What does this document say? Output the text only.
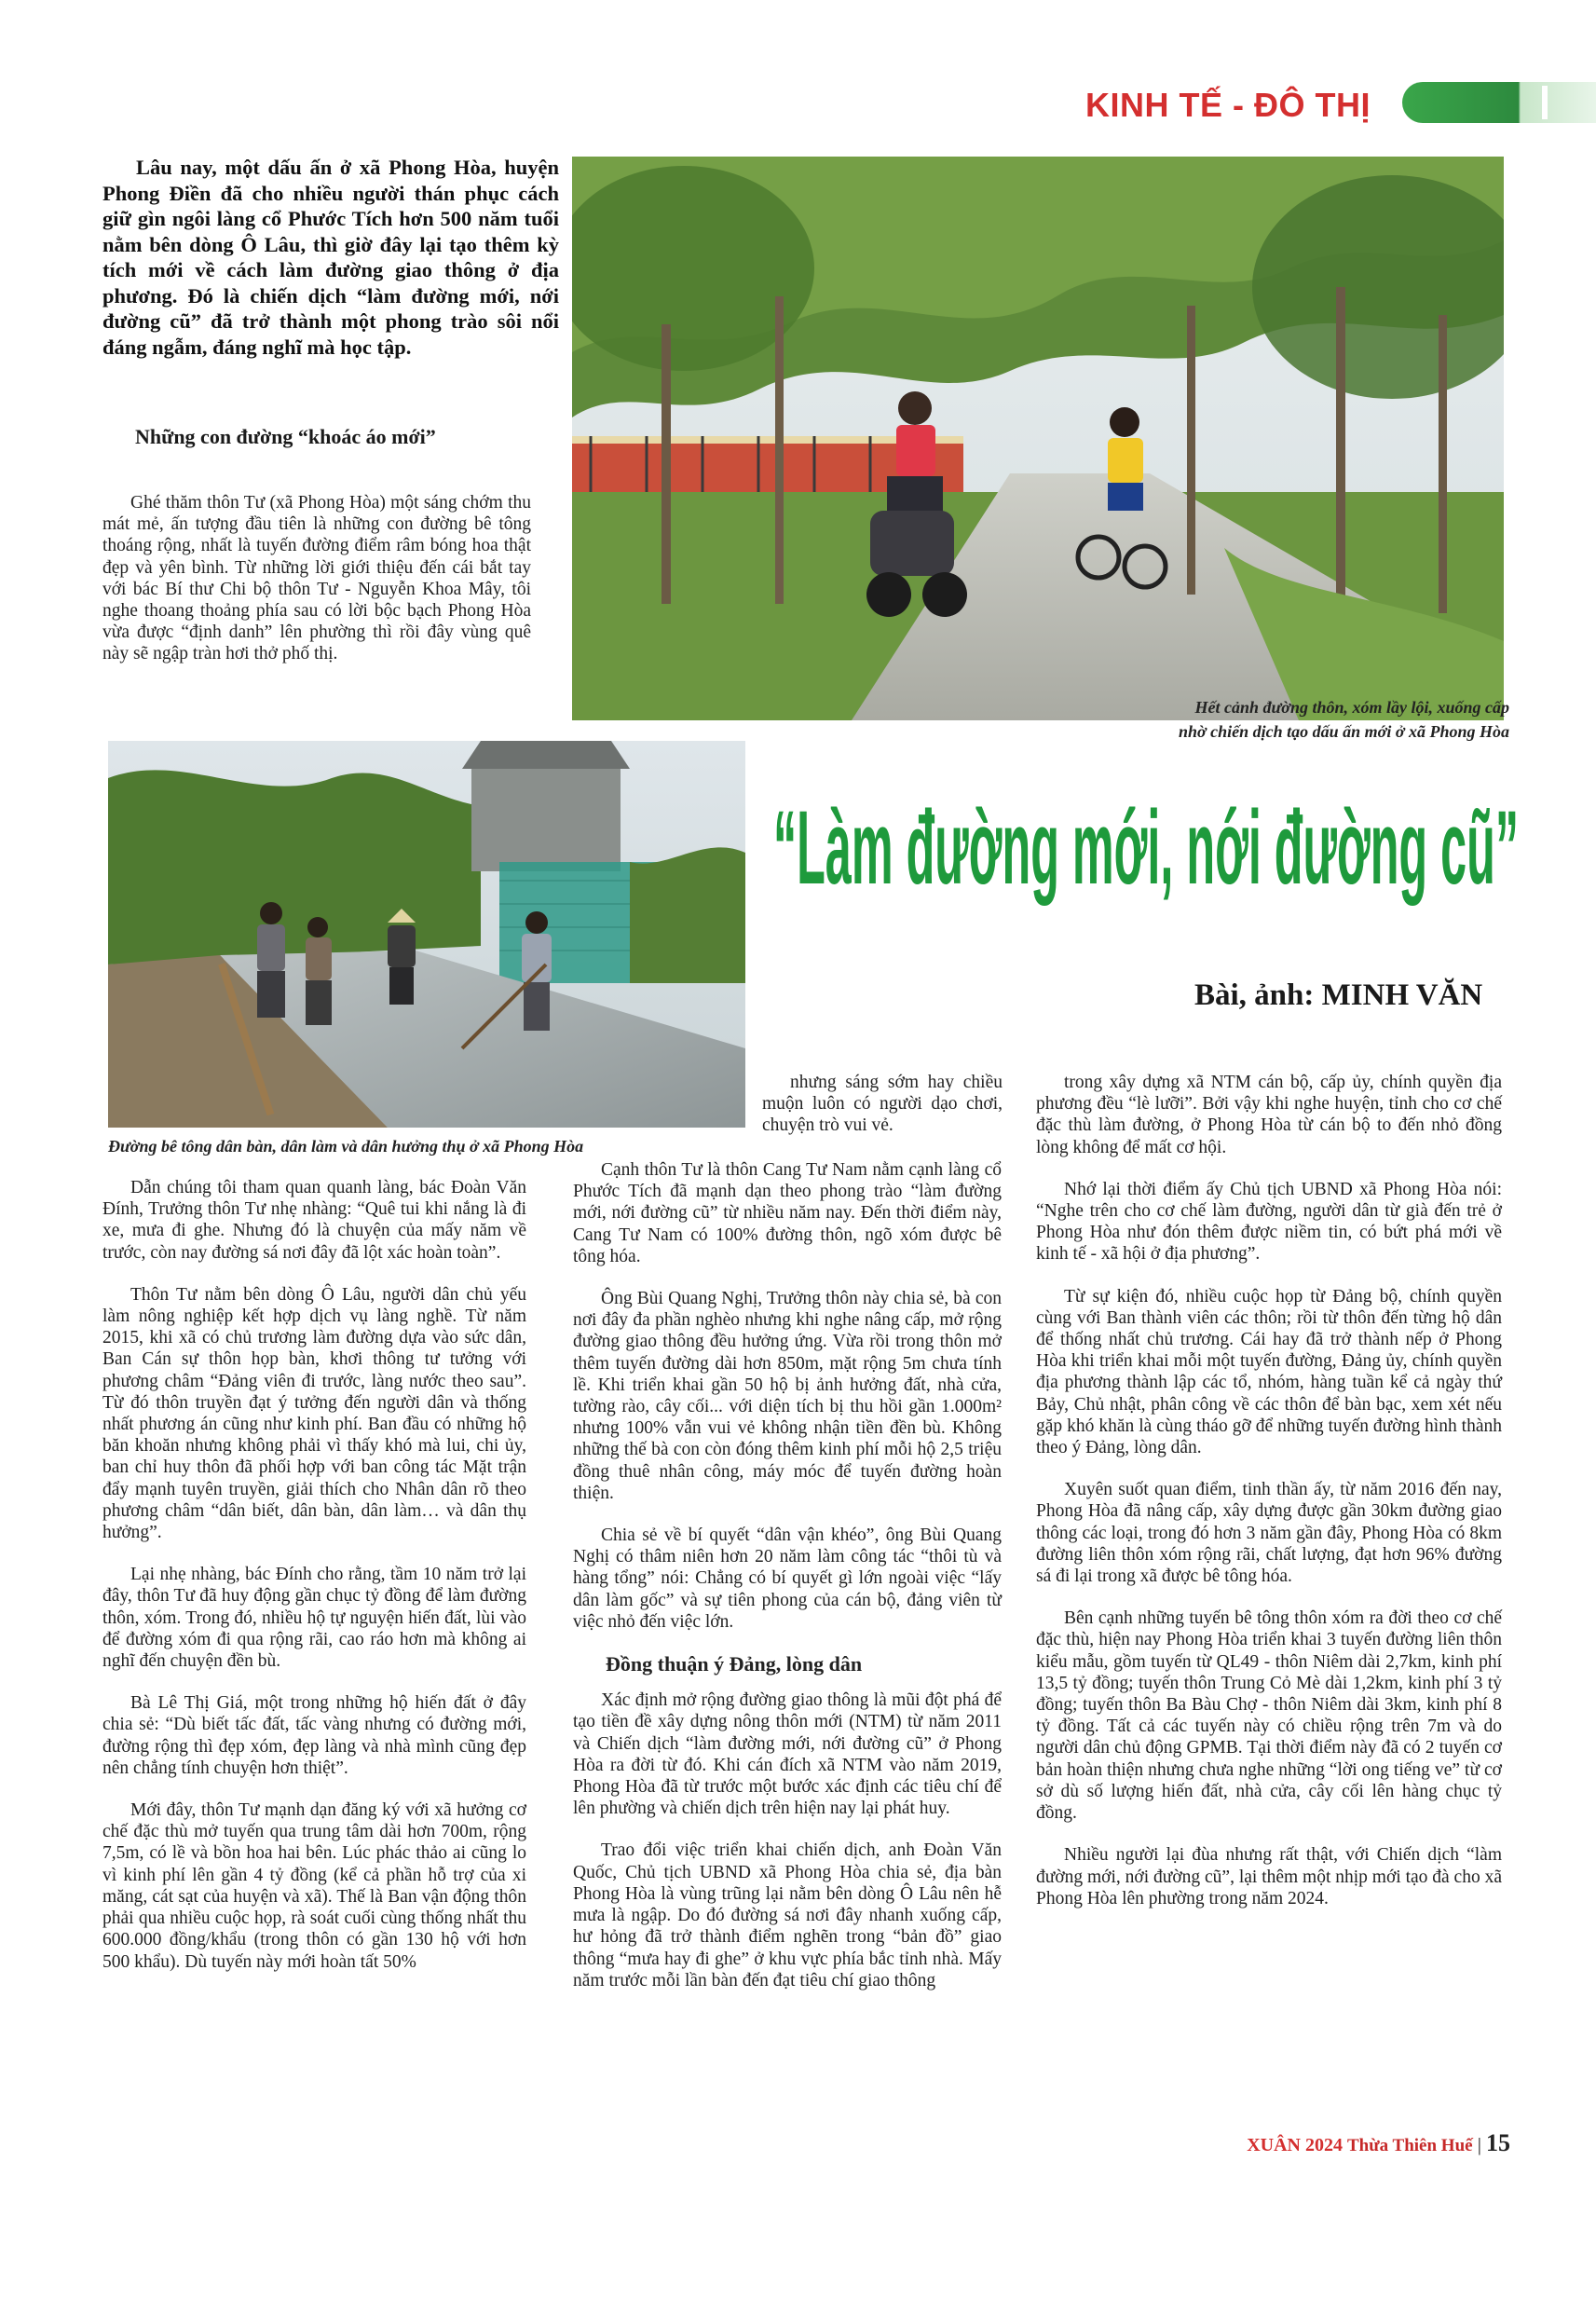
KINH TẾ - ĐÔ THỊ
Lâu nay, một dấu ấn ở xã Phong Hòa, huyện Phong Điền đã cho nhiều người thán phục cách giữ gìn ngôi làng cổ Phước Tích hơn 500 năm tuổi nằm bên dòng Ô Lâu, thì giờ đây lại tạo thêm kỳ tích mới về cách làm đường giao thông ở địa phương. Đó là chiến dịch “làm đường mới, nới đường cũ” đã trở thành một phong trào sôi nổi đáng ngẫm, đáng nghĩ mà học tập.
Những con đường “khoác áo mới”
Ghé thăm thôn Tư (xã Phong Hòa) một sáng chớm thu mát mẻ, ấn tượng đầu tiên là những con đường bê tông thoáng rộng, nhất là tuyến đường điểm râm bóng hoa thật đẹp và yên bình. Từ những lời giới thiệu đến cái bắt tay với bác Bí thư Chi bộ thôn Tư - Nguyễn Khoa Mây, tôi nghe thoang thoảng phía sau có lời bộc bạch Phong Hòa vừa được “định danh” lên phường thì rồi đây vùng quê này sẽ ngập tràn hơi thở phố thị.
Hết cảnh đường thôn, xóm lầy lội, xuống cấp
nhờ chiến dịch tạo dấu ấn mới ở xã Phong Hòa
Đường bê tông dân bàn, dân làm và dân hưởng thụ ở xã Phong Hòa
“Làm đường mới, nới đường cũ”
Bài, ảnh: MINH VĂN

Dẫn chúng tôi tham quan quanh làng, bác Đoàn Văn Đính, Trưởng thôn Tư nhẹ nhàng: “Quê tui khi nắng là đi xe, mưa đi ghe. Nhưng đó là chuyện của mấy năm về trước, còn nay đường sá nơi đây đã lột xác hoàn toàn”.

Thôn Tư nằm bên dòng Ô Lâu, người dân chủ yếu làm nông nghiệp kết hợp dịch vụ làng nghề. Từ năm 2015, khi xã có chủ trương làm đường dựa vào sức dân, Ban Cán sự thôn họp bàn, khơi thông tư tưởng với phương châm “Đảng viên đi trước, làng nước theo sau”. Từ đó thôn truyền đạt ý tưởng đến người dân và thống nhất phương án cũng như kinh phí. Ban đầu có những hộ băn khoăn nhưng không phải vì thấy khó mà lui, chi ủy, ban chỉ huy thôn đã phối hợp với ban công tác Mặt trận đẩy mạnh tuyên truyền, giải thích cho Nhân dân rõ theo phương châm “dân biết, dân bàn, dân làm… và dân thụ hưởng”.

Lại nhẹ nhàng, bác Đính cho rằng, tầm 10 năm trở lại đây, thôn Tư đã huy động gần chục tỷ đồng để làm đường thôn, xóm. Trong đó, nhiều hộ tự nguyện hiến đất, lùi vào để đường xóm đi qua rộng rãi, cao ráo hơn mà không ai nghĩ đến chuyện đền bù.

Bà Lê Thị Giá, một trong những hộ hiến đất ở đây chia sẻ: “Dù biết tấc đất, tấc vàng nhưng có đường mới, đường rộng thì đẹp xóm, đẹp làng và nhà mình cũng đẹp nên chẳng tính chuyện hơn thiệt”.

Mới đây, thôn Tư mạnh dạn đăng ký với xã hưởng cơ chế đặc thù mở tuyến qua trung tâm dài hơn 700m, rộng 7,5m, có lề và bồn hoa hai bên. Lúc phác thảo ai cũng lo vì kinh phí lên gần 4 tỷ đồng (kể cả phần hỗ trợ của xi măng, cát sạt của huyện và xã). Thế là Ban vận động thôn phải qua nhiều cuộc họp, rà soát cuối cùng thống nhất thu 600.000 đồng/khẩu (trong thôn có gần 130 hộ với hơn 500 khẩu). Dù tuyến này mới hoàn tất 50%

nhưng sáng sớm hay chiều muộn luôn có người dạo chơi, chuyện trò vui vẻ.

Cạnh thôn Tư là thôn Cang Tư Nam nằm cạnh làng cổ Phước Tích đã mạnh dạn theo phong trào “làm đường mới, nới đường cũ” từ nhiều năm nay. Đến thời điểm này, Cang Tư Nam có 100% đường thôn, ngõ xóm được bê tông hóa.

Ông Bùi Quang Nghị, Trưởng thôn này chia sẻ, bà con nơi đây đa phần nghèo nhưng khi nghe nâng cấp, mở rộng đường giao thông đều hưởng ứng. Vừa rồi trong thôn mở thêm tuyến đường dài hơn 850m, mặt rộng 5m chưa tính lề. Khi triển khai gần 50 hộ bị ảnh hưởng đất, nhà cửa, tường rào, cây cối... với diện tích bị thu hồi gần 1.000m² nhưng 100% vẫn vui vẻ không nhận tiền đền bù. Không những thế bà con còn đóng thêm kinh phí mỗi hộ 2,5 triệu đồng thuê nhân công, máy móc để tuyến đường hoàn thiện.

Chia sẻ về bí quyết “dân vận khéo”, ông Bùi Quang Nghị có thâm niên hơn 20 năm làm công tác “thôi tù và hàng tổng” nói: Chẳng có bí quyết gì lớn ngoài việc “lấy dân làm gốc” và sự tiên phong của cán bộ, đảng viên từ việc nhỏ đến việc lớn.

Đồng thuận ý Đảng, lòng dân

Xác định mở rộng đường giao thông là mũi đột phá để tạo tiền đề xây dựng nông thôn mới (NTM) từ năm 2011 và Chiến dịch “làm đường mới, nới đường cũ” ở Phong Hòa ra đời từ đó. Khi cán đích xã NTM vào năm 2019, Phong Hòa đã từ trước một bước xác định các tiêu chí để lên phường và chiến dịch trên hiện nay lại phát huy.

Trao đổi việc triển khai chiến dịch, anh Đoàn Văn Quốc, Chủ tịch UBND xã Phong Hòa chia sẻ, địa bàn Phong Hòa là vùng trũng lại nằm bên dòng Ô Lâu nên hễ mưa là ngập. Do đó đường sá nơi đây nhanh xuống cấp, hư hỏng đã trở thành điểm nghẽn trong “bản đồ” giao thông “mưa hay đi ghe” ở khu vực phía bắc tỉnh nhà. Mấy năm trước mỗi lần bàn đến đạt tiêu chí giao thông

trong xây dựng xã NTM cán bộ, cấp ủy, chính quyền địa phương đều “lè lưỡi”. Bởi vậy khi nghe huyện, tỉnh cho cơ chế đặc thù làm đường, ở Phong Hòa từ cán bộ to đến nhỏ đồng lòng không để mất cơ hội.

Nhớ lại thời điểm ấy Chủ tịch UBND xã Phong Hòa nói: “Nghe trên cho cơ chế làm đường, người dân từ già đến trẻ ở Phong Hòa như đón thêm được niềm tin, có bứt phá mới về kinh tế - xã hội ở địa phương”.

Từ sự kiện đó, nhiều cuộc họp từ Đảng bộ, chính quyền cùng với Ban thành viên các thôn; rồi từ thôn đến từng hộ dân để thống nhất chủ trương. Cái hay đã trở thành nếp ở Phong Hòa khi triển khai mỗi một tuyến đường, Đảng ủy, chính quyền địa phương thành lập các tổ, nhóm, hàng tuần kể cả ngày thứ Bảy, Chủ nhật, phân công về các thôn để bàn bạc, xem xét nếu gặp khó khăn là cùng tháo gỡ để những tuyến đường hình thành theo ý Đảng, lòng dân.

Xuyên suốt quan điểm, tinh thần ấy, từ năm 2016 đến nay, Phong Hòa đã nâng cấp, xây dựng được gần 30km đường giao thông các loại, trong đó hơn 3 năm gần đây, Phong Hòa có 8km đường liên thôn xóm rộng rãi, chất lượng, đạt hơn 96% đường sá đi lại trong xã được bê tông hóa.

Bên cạnh những tuyến bê tông thôn xóm ra đời theo cơ chế đặc thù, hiện nay Phong Hòa triển khai 3 tuyến đường liên thôn kiểu mẫu, gồm tuyến từ QL49 - thôn Niêm dài 2,7km, kinh phí 13,5 tỷ đồng; tuyến thôn Trung Cỏ Mè dài 1,2km, kinh phí 3 tỷ đồng; tuyến thôn Ba Bàu Chợ - thôn Niêm dài 3km, kinh phí 8 tỷ đồng. Tất cả các tuyến này có chiều rộng trên 7m và do người dân chủ động GPMB. Tại thời điểm này đã có 2 tuyến cơ bản hoàn thiện nhưng chưa nghe những “lời ong tiếng ve” từ cơ sở dù số lượng hiến đất, nhà cửa, cây cối lên hàng chục tỷ đồng.

Nhiều người lại đùa nhưng rất thật, với Chiến dịch “làm đường mới, nới đường cũ”, lại thêm một nhịp mới tạo đà cho xã Phong Hòa lên phường trong năm 2024.

XUÂN 2024 Thừa Thiên Huế | 15
